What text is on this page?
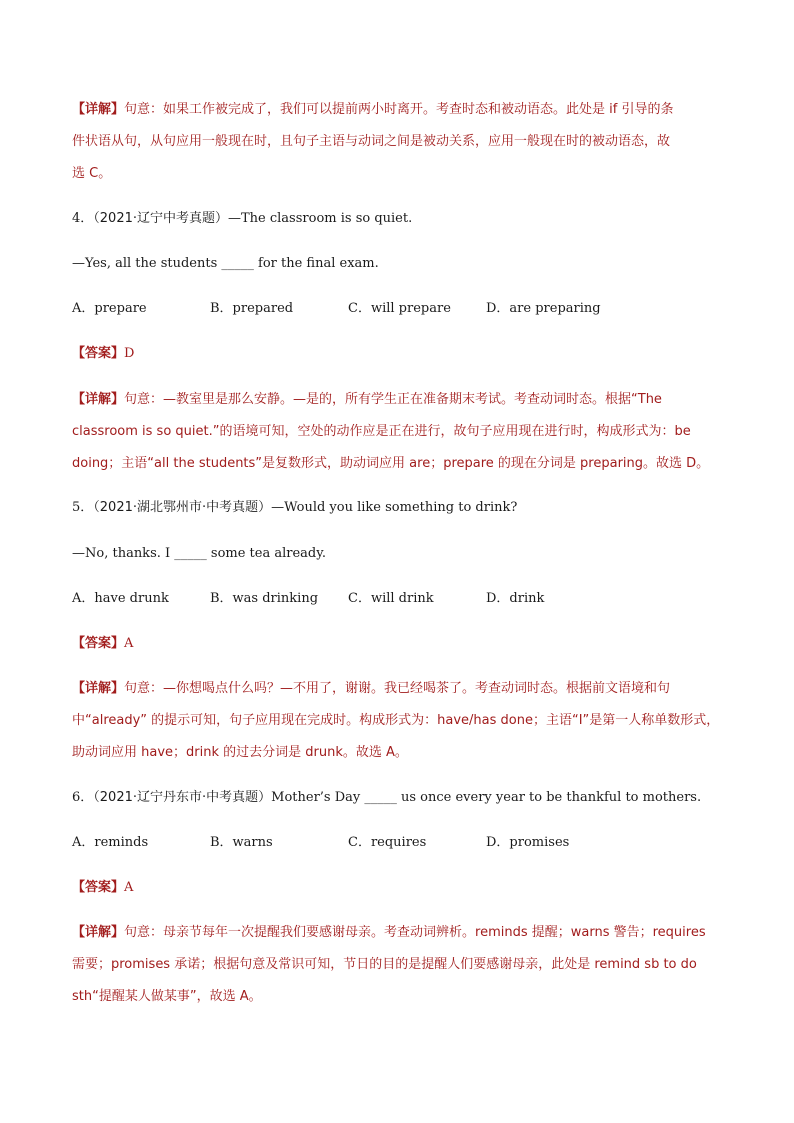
【详解】句意：如果工作被完成了，我们可以提前两小时离开。考查时态和被动语态。此处是 if 引导的条
件状语从句，从句应用一般现在时，且句子主语与动词之间是被动关系，应用一般现在时的被动语态，故
选 C。
4．（2021·辽宁中考真题）—The classroom is so quiet.
—Yes, all the students _____ for the final exam.
A．prepare	B．prepared	C．will prepare	D．are preparing
【答案】D
【详解】句意：—教室里是那么安静。—是的，所有学生正在准备期末考试。考查动词时态。根据“The
classroom is so quiet.”的语境可知，空处的动作应是正在进行，故句子应用现在进行时，构成形式为：be
doing；主语“all the students”是复数形式，助动词应用 are；prepare 的现在分词是 preparing。故选 D。
5．（2021·湖北鄂州市·中考真题）—Would you like something to drink?
—No, thanks. I _____ some tea already.
A．have drunk	B．was drinking C．will drink	D．drink
【答案】A
【详解】句意：—你想喝点什么吗？—不用了，谢谢。我已经喝茶了。考查动词时态。根据前文语境和句
中“already” 的提示可知，句子应用现在完成时。构成形式为：have/has done；主语“I”是第一人称单数形式，
助动词应用 have；drink 的过去分词是 drunk。故选 A。
6．（2021·辽宁丹东市·中考真题）Mother’s Day _____ us once every year to be thankful to mothers.
A．reminds	B．warns	C．requires	D．promises
【答案】A
【详解】句意：母亲节每年一次提醒我们要感谢母亲。考查动词辨析。reminds 提醒；warns 警告；requires
需要；promises 承诺；根据句意及常识可知，节日的目的是提醒人们要感谢母亲，此处是 remind sb to do
sth“提醒某人做某事”，故选 A。
